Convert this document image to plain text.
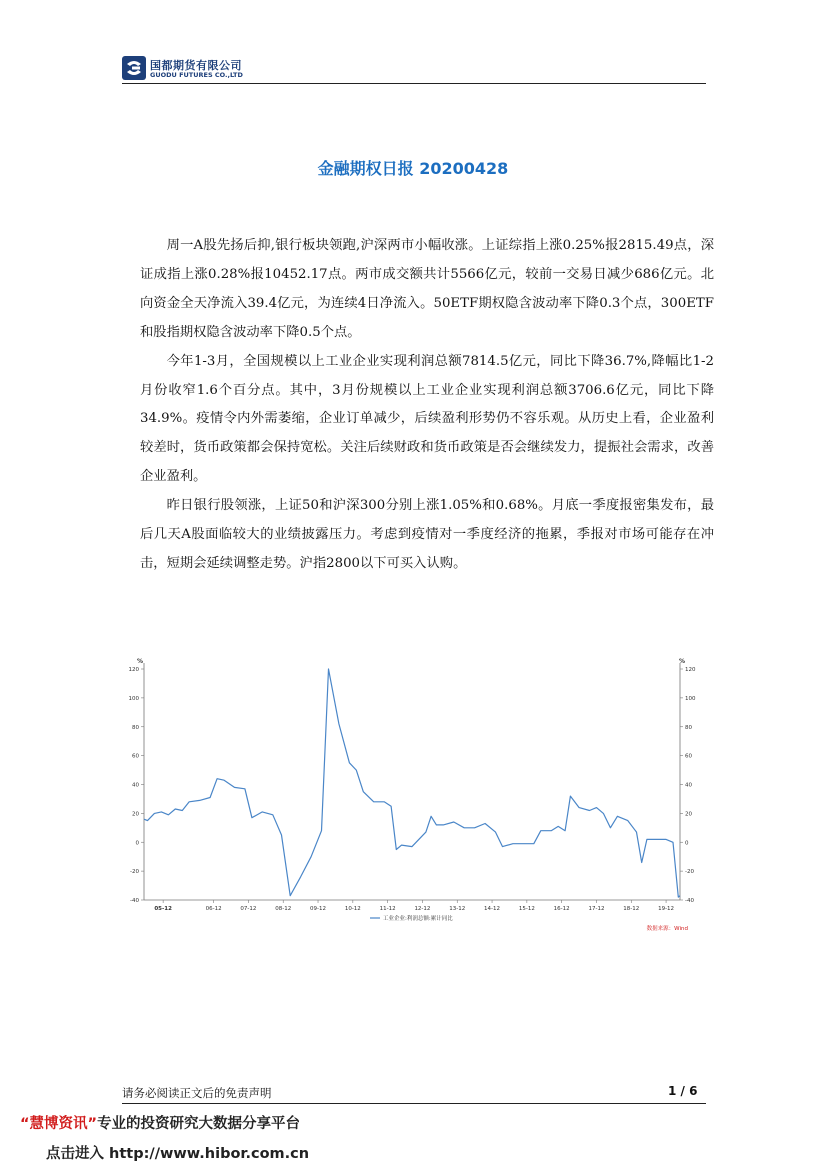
国都期货有限公司
GUODU FUTURES CO.,LTD
金融期权日报 20200428

周一A股先扬后抑,银行板块领跑,沪深两市小幅收涨。上证综指上涨0.25%报2815.49点，深证成指上涨0.28%报10452.17点。两市成交额共计5566亿元，较前一交易日减少686亿元。北向资金全天净流入39.4亿元，为连续4日净流入。50ETF期权隐含波动率下降0.3个点，300ETF和股指期权隐含波动率下降0.5个点。

今年1-3月，全国规模以上工业企业实现利润总额7814.5亿元，同比下降36.7%,降幅比1-2月份收窄1.6个百分点。其中，3月份规模以上工业企业实现利润总额3706.6亿元，同比下降 34.9%。疫情令内外需萎缩，企业订单减少，后续盈利形势仍不容乐观。从历史上看，企业盈利较差时，货币政策都会保持宽松。关注后续财政和货币政策是否会继续发力，提振社会需求，改善企业盈利。

昨日银行股领涨，上证50和沪深300分别上涨1.05%和0.68%。月底一季度报密集发布，最后几天A股面临较大的业绩披露压力。考虑到疫情对一季度经济的拖累，季报对市场可能存在冲击，短期会延续调整走势。沪指2800以下可买入认购。

%	%
120	120
100	100
80	80
60	60
40	40
20	20
0	0
-20	-20
-40	-40
05-12	06-12	07-12	08-12	09-12	10-12	11-12	12-12	13-12	14-12	15-12	16-12	17-12	18-12	19-12
工业企业:利润总额:累计同比
数据来源：Wind
请务必阅读正文后的免责声明	1 / 6
“慧博资讯”专业的投资研究大数据分享平台
点击进入 http://www.hibor.com.cn
